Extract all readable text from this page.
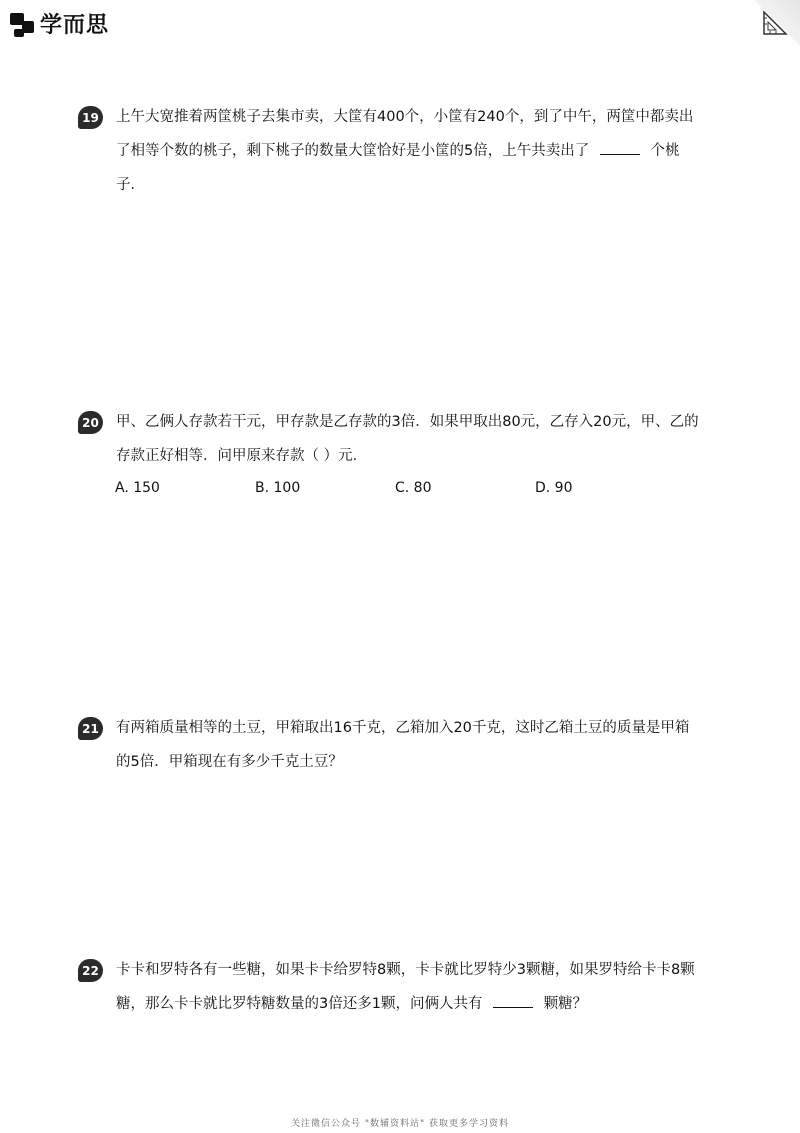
学而思
19	上午大宽推着两筐桃子去集市卖，大筐有400个，小筐有240个，到了中午，两筐中都卖出
了相等个数的桃子，剩下桃子的数量大筐恰好是小筐的5倍，上午共卖出了	个桃
子．
20	甲、乙俩人存款若干元，甲存款是乙存款的3倍．如果甲取出80元，乙存入20元，甲、乙的
存款正好相等．问甲原来存款（ ）元．
A. 150	B. 100	C. 80	D. 90
21	有两箱质量相等的土豆，甲箱取出16千克，乙箱加入20千克，这时乙箱土豆的质量是甲箱
的5倍．甲箱现在有多少千克土豆？
22	卡卡和罗特各有一些糖，如果卡卡给罗特8颗，卡卡就比罗特少3颗糖，如果罗特给卡卡8颗
糖，那么卡卡就比罗特糖数量的3倍还多1颗，问俩人共有	颗糖？
关注微信公众号 "数辅资料站" 获取更多学习资料
